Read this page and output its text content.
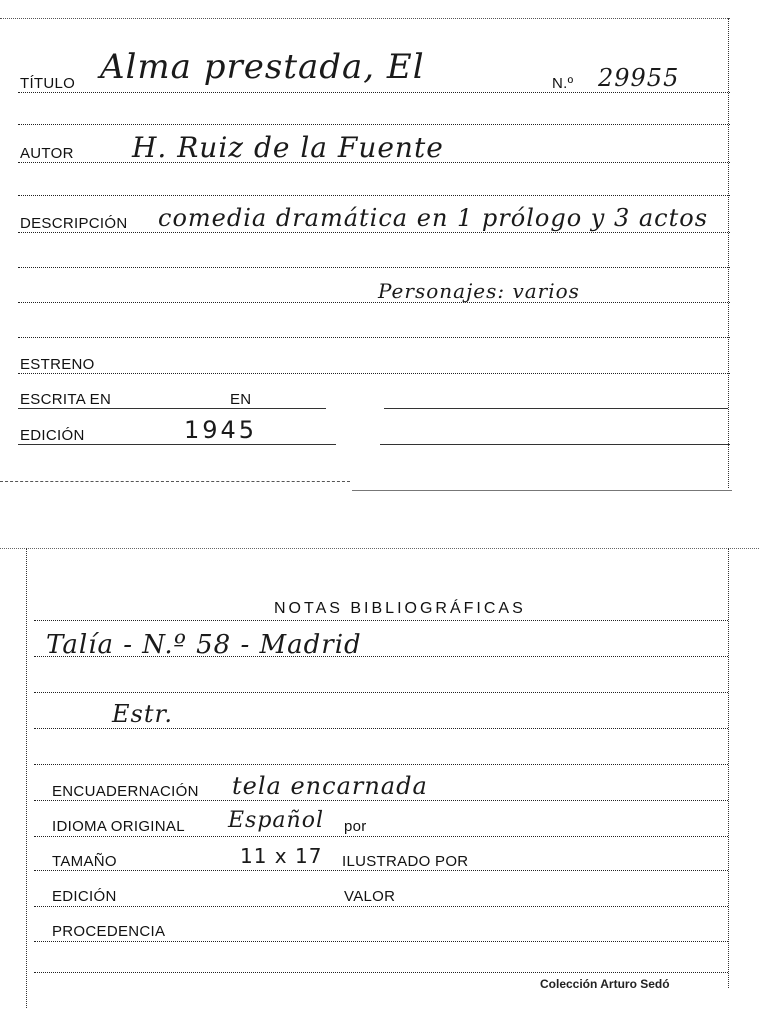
TÍTULO Alma prestada, El	N.º 29955
AUTOR H. Ruiz de la Fuente
DESCRIPCIÓN comedia dramática en 1 prólogo y 3 actos
Personajes: varios
ESTRENO
ESCRITA EN	EN
EDICIÓN	1945
NOTAS BIBLIOGRÁFICAS
Talía - N.º 58 - Madrid
Estr.
ENCUADERNACIÓN tela encarnada
IDIOMA ORIGINAL Español por
TAMAÑO	11 x 17 ILUSTRADO POR
EDICIÓN	VALOR
PROCEDENCIA
Colección Arturo Sedó
